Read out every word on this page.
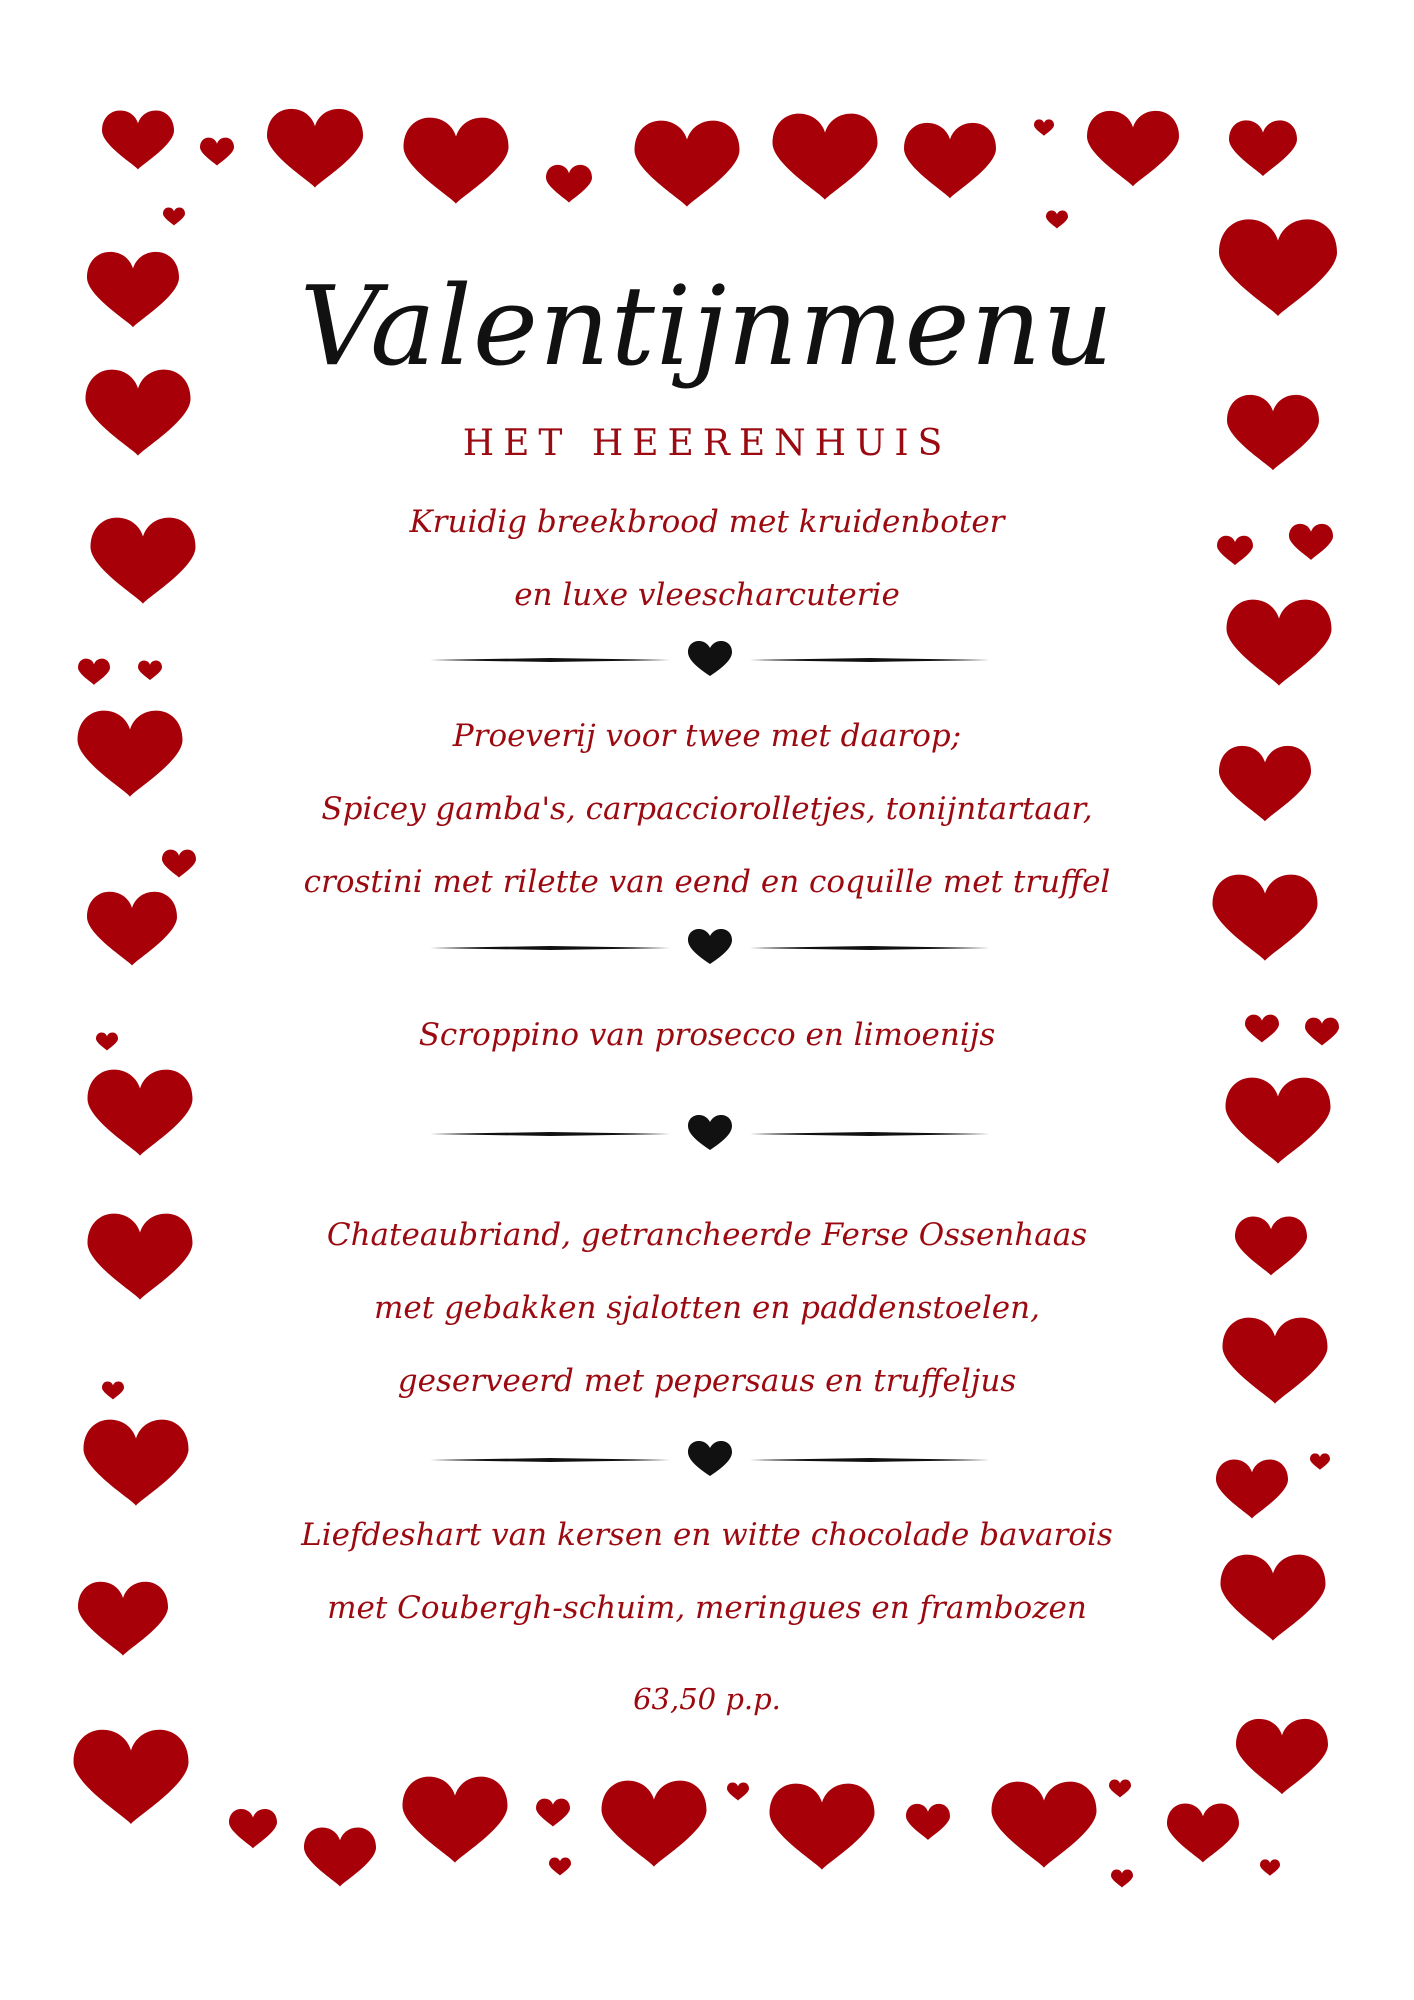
Valentijnmenu
HET HEERENHUIS
Kruidig breekbrood met kruidenboter
en luxe vleescharcuterie
Proeverij voor twee met daarop;
Spicey gamba's, carpacciorolletjes, tonijntartaar,
crostini met rilette van eend en coquille met truffel
Scroppino van prosecco en limoenijs
Chateaubriand, getrancheerde Ferse Ossenhaas
met gebakken sjalotten en paddenstoelen,
geserveerd met pepersaus en truffeljus
Liefdeshart van kersen en witte chocolade bavarois
met Coubergh-schuim, meringues en frambozen
63,50 p.p.
